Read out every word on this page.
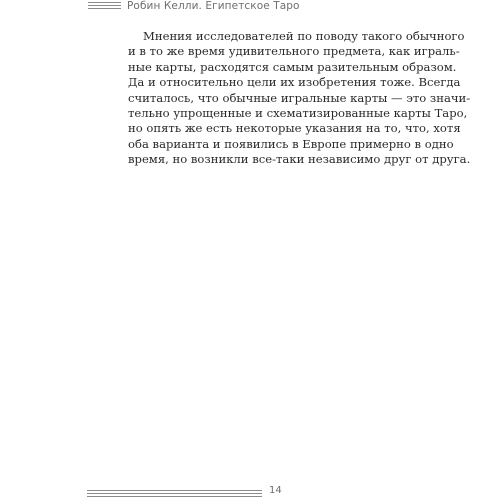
Робин Келли. Египетское Таро
Мнения исследователей по поводу такого обычного
и в то же время удивительного предмета, как играль-
ные карты, расходятся самым разительным образом.
Да и относительно цели их изобретения тоже. Всегда
считалось, что обычные игральные карты — это значи-
тельно упрощенные и схематизированные карты Таро,
но опять же есть некоторые указания на то, что, хотя
оба варианта и появились в Европе примерно в одно
время, но возникли все-таки независимо друг от друга.
14
